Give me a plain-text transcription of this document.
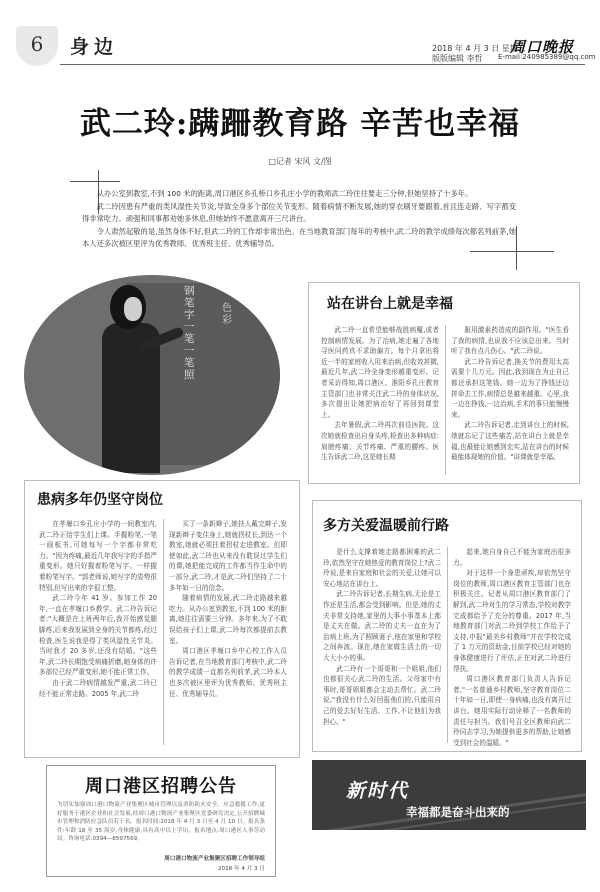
6	身边	2018 年 4 月 3 日 星期二
周口晚报
版版编辑 李哲 E-mail:240985389@qq.com
武二玲:蹒跚教育路 辛苦也幸福
□记者 宋风 文/图

从办公室到教室,不到 100 米的距离,周口港区乡孔桥口乡孔庄小学的教师武二玲往往要走三分钟,但她坚持了十多年。

武二玲因患有严重的类风湿性关节炎,导致全身多个部位关节变形。随着病情不断发展,她的穿衣刷牙要跟着,首且连走路、写字都变得非常吃力。顽强和同事都劝她多休息,但她始终不愿意离开三尺讲台。

令人肃然起敬的是,虽然身体不好,但武二玲的工作却非常出色。在当地教育部门每年的考核中,武二玲的教学成绩每次都名列前茅,她本人还多次被区里评为优秀教师、优秀班主任、优秀辅导员。

钢笔字一笔一笔照
色彩
站在讲台上就是幸福

武二玲一直希望能够战胜病魔,或者控制病情发展。为了治病,她走遍了各地寻医问药真不求助偏方。每个月拿出将近一半的家庭收入用来治病,但收效甚微,最近几年,武二玲全身变形越重变形。记者采访得知,周口港区、淮阳乡孔庄教育主管部门也非常关注武二玲的身体状况,多次提出让她把病治好了再回到课堂上。

去年暑假,武二玲再次前往医院。这次她就检查出自身头疼,检查出多种病症:肩膀疼痛、关节疼痛、严重的腰疼。医生告诉武二玲,这是她长期

服用激素药造成的副作用。"医生看了我的病情,也说我不应该总出来。当时听了我有点儿伤心。"武二玲说。

武二玲告诉记者,换关节的费用太高需要十几万元。因此,我到现在为止自己都还承担这笔钱。她一边为了挣钱还边拼命去工作,病情总是越来越重。心里,我一边在挣钱,一边治病,手术的事只能慢慢来。

武二玲告诉记者,走到讲台上的时候,她就忘记了这些痛苦,站在讲台上就是幸福,也最能让她感到充实,站在讲台的时候最能体现她的价值。"讲课就是幸福。

患病多年仍坚守岗位

在孝堰口乡孔庄小学的一间教室内,武二玲正给学生们上课。手握粉笔,一笔一画板书,可她每写一个字都非常吃力。"因为疼痛,最近几年我写字的手指严重变形。她只好握着粉笔写字。一样握着粉笔写字。"郭老师说,她写字的姿势很特别,但写出来的字很工整。

武二玲今年 41 岁。参加工作 20 年,一直在孝堰口乡教学。武二玲告诉记者:"大概是在上班两年后,我开始感觉腿脚疼,后来我发展到全身的关节都疼,经过检查,医生说我是得了类风湿性关节炎。当时我才 20 多岁,还没有结婚。"这些年,武二玲长期饱受病痛折磨,她身体的许多部位已经严重变形,她不能正常工作。

由于武二玲病情越发严重,武二玲已经不能正常走路。2005 年,武二玲

买了一条新辫子,她扶人戴完辫子,发现新辫子变住身上,她就拐杖长,到达一个教室,她就必须拄着拐杖走进教室。但即使如此,武二玲也从来没有耽误过学生们的课,她把能完成的工作都当作生命中的一部分,武二玲,才是武二玲们坚持了二十多年如一日的信念。

随着病情的发展,武二玲走路越来越吃力。从办公室到教室,不到 100 米的距离,她往往需要三分钟。多年来,为了不耽误给孩子们上课,武二玲每次都提前去教室。

周口港区孝堰口乡中心校工作人员告诉记者,在当地教育部门考核中,武二玲的教学成绩一直都名列前茅,武二玲本人也多次被区里评为优秀教师、优秀班主任、优秀辅导员。

多方关爱温暖前行路

是什么支撑着她走路都困难的武二玲,依然坚守在她热爱的教育岗位上?武二玲说,是来自家庭和社会的关爱,让她可以安心地站在讲台上。

武二玲告诉记者,长期生病,无论是工作还是生活,都会受到影响。但是,她的丈夫非常支持她,家里的大事小事基本上都是丈夫在做。武二玲的丈夫一直在为了治病上班,为了照顾妻子,他在家里和学校之间奔波。现在,她在家做生活上的一切大大小小的事。

武二玲有一个哥哥和一个姐姐,他们也都很关心武二玲的生活。父母家中有事时,哥哥姐姐都会主动去帮忙。武二玲说,"我没有什么好回报他们的,只能用自己的爱去好好生活、工作,不让他们为我担心。"

起来,她自身自己不能为家庭出很多力。

对于这样一个身患顽疾,却依然坚守岗位的教师,周口港区教育主管部门也在积极关注。记者从周口港区教育部门了解到,武二玲对生的学习常态,学校对教学完成都给予了充分的尊重。2017 年,当地教育部门对武二玲到学校工作给予了支持,申报"最美乡村教师"并在学校完成了 1 万元的资助金,目前学校已经对她的身体健康进行了评估,正在对武二玲进行帮扶。

周口港区教育部门负责人告诉记者,"一名普通乡村教师,坚守教育岗位二十年如一日,即使一身病痛,也没有离开过讲台。她用实际行动诠释了一名教师的责任与担当。我们号召全区教师向武二玲同志学习,为她提供更多的帮助,让她感受到社会的温暖。"

周口港区招聘公告
为切实加强周口港口物流产业集聚区城市管理以及消防防火安全、应急救援工作,更好服务于港区企业和社会发展,经周口港口物流产业集聚区党委研究决定,公开招聘城市管理和消防应急队员若干名。报名时间:2018 年 4 月 3 日至 4 月 10 日。报名条件:年龄 18 至 35 周岁,身体健康,具有高中以上学历。报名地点:周口港区人事劳动局。咨询电话:0394—8597569。
周口港口物流产业集聚区招聘工作领导组
2018 年 4 月 3 日
新时代
幸福都是奋斗出来的
